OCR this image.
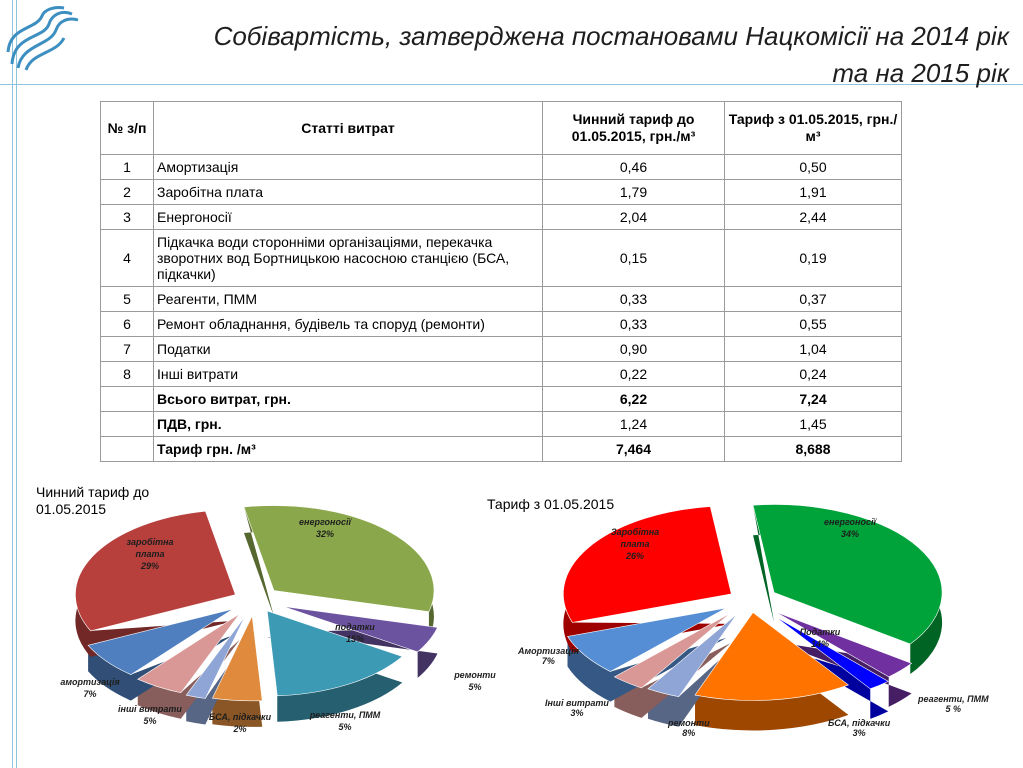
Собівартість, затверджена постановами Нацкомісії на 2014 рік
та на 2015 рік
№ з/п	Статті витрат	Чинний тариф до 01.05.2015, грн./м³	Тариф з 01.05.2015, грн./м³
1	Амортизація	0,46	0,50
2	Заробітна плата	1,79	1,91
3	Енергоносії	2,04	2,44
4	Підкачка води сторонніми організаціями, перекачка зворотних вод Бортницькою насосною станцією (БСА, підкачки)	0,15	0,19
5	Реагенти, ПММ	0,33	0,37
6	Ремонт обладнання, будівель та споруд (ремонти)	0,33	0,55
7	Податки	0,90	1,04
8	Інші витрати	0,22	0,24
	Всього витрат, грн.	6,22	7,24
	ПДВ, грн.	1,24	1,45
	Тариф грн. /м³	7,464	8,688
Чинний тариф до 01.05.2015	Тариф з 01.05.2015
енергоносії 32%
ремонти 5%
податки 15%
реагенти, ПММ 5%
БСА, підкачки 2%
інші витрати 5%
амортизація 7%
заробітна плата 29%
енергоносії 34%
Податки 14%
Заробітна плата 26%
Амортизація
7%
Інші витрати
3%
ремонти
8%
БСА, підкачки
3%
реагенти, ПММ
5 %
